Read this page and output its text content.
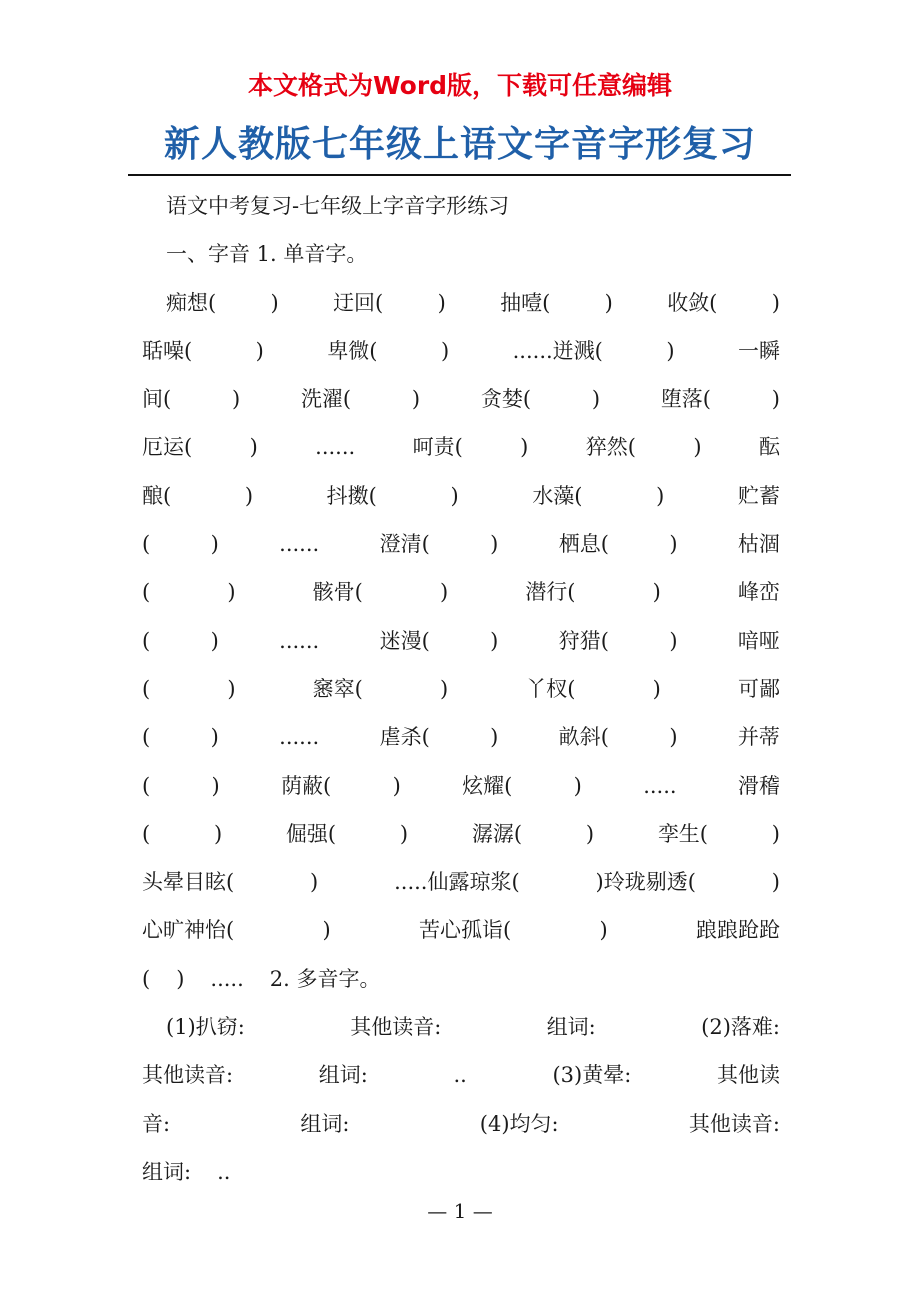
本文格式为Word版，下载可任意编辑
新人教版七年级上语文字音字形复习
语文中考复习-七年级上字音字形练习
一、字音 1. 单音字。
痴想(	)	迂回(	)	抽噎(	)	收敛(	)
聒噪(	)	卑微(	)	......迸溅(	)	一瞬
间(	)	洗濯(	)	贪婪(	)	堕落(	)
厄运(	)	......	呵责(	)	猝然(	)	酝
酿(	)	抖擞(	)	水藻(	)	贮蓄
(	)	......	澄清(	)	栖息(	)	枯涸
(	)	骸骨(	)	潜行(	)	峰峦
(	)	......	迷漫(	)	狩猎(	)	喑哑
(	)	窸窣(	)	丫杈(	)	可鄙
(	)	......	虐杀(	)	畝斜(	)	并蒂
(	)	荫蔽(	)	炫耀(	)	.....	滑稽
(	)	倔强(	)	潺潺(	)	孪生(	)
头晕目眩(	)	.....仙露琼浆(	)玲珑剔透(	)
心旷神怡(	)	苦心孤诣(	)	踉踉跄跄
( ) ..... 2. 多音字。
(1)扒窃:	其他读音:	组词:	(2)落难:
其他读音:	组词:	..	(3)黄晕:	其他读
音:	组词:	(4)均匀:	其他读音:
组词: ..
— 1 —
